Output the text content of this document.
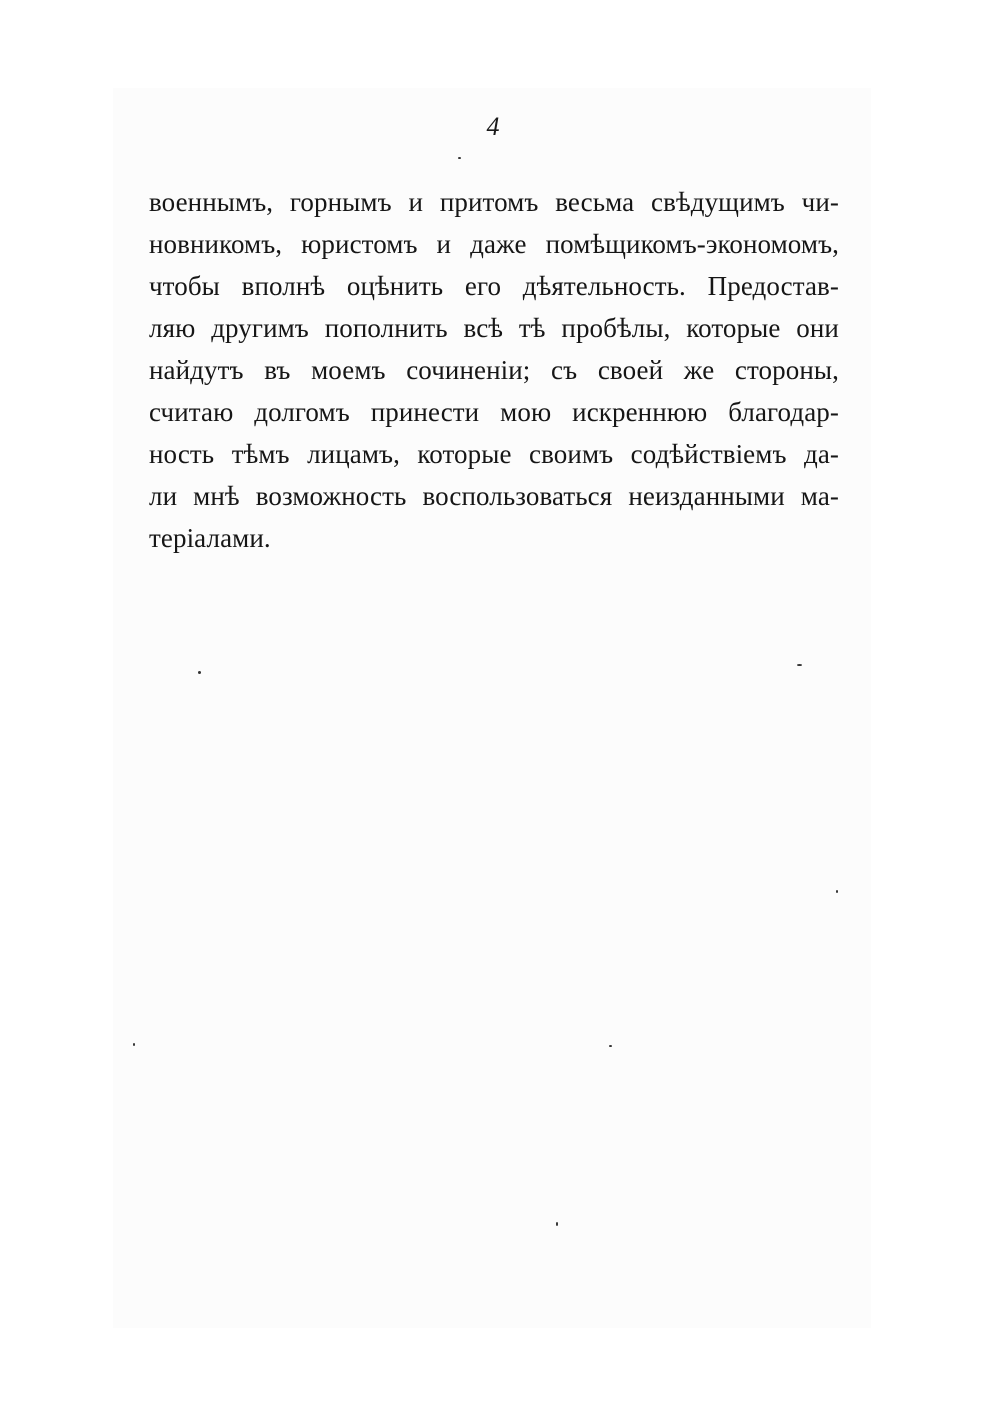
4
военнымъ, горнымъ и притомъ весьма свѣдущимъ чи-
новникомъ, юристомъ и даже помѣщикомъ-экономомъ,
чтобы вполнѣ оцѣнить его дѣятельность. Предостав-
ляю другимъ пополнить всѣ тѣ пробѣлы, которые они
найдутъ въ моемъ сочиненіи; съ своей же стороны,
считаю долгомъ принести мою искреннюю благодар-
ность тѣмъ лицамъ, которые своимъ содѣйствіемъ да-
ли мнѣ возможность воспользоваться неизданными ма-
теріалами.
